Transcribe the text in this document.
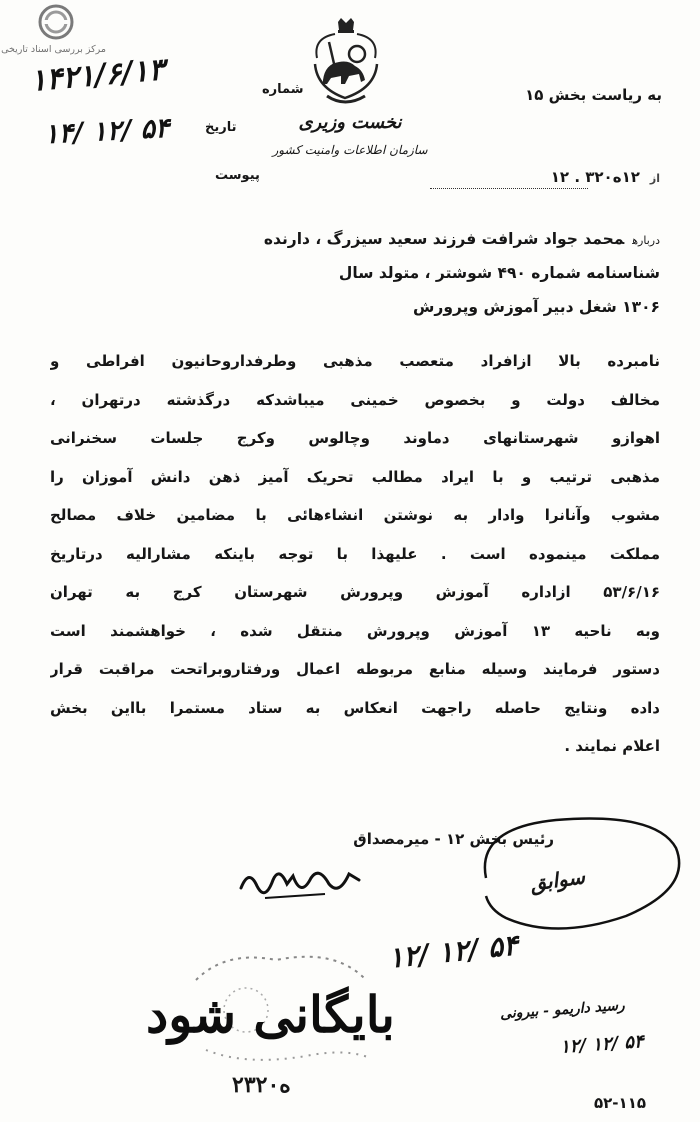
مرکز بررسی اسناد تاریخی
نخست وزیری
سازمان اطلاعات وامنیت کشور
۱۴۲۱/۶/۱۳	شماره
۱۴/ ۱۲/ ۵۴	تاریخ
پیوست
به ریاست بخش ۱۵
از۱۲ه۳۲۰ . ۱۲
دربارهمحمد جواد شرافت فرزند سعید سیزرگ ، دارنده
شناسنامه شماره ۴۹۰ شوشتر ، متولد سال
۱۳۰۶ شغل دبیر آموزش وپرورش
نامبرده بالا ازافراد متعصب مذهبی وطرفداروحانیون افراطی و
مخالف دولت و بخصوص خمینی میباشدکه درگذشته درتهران ،
اهوازو شهرستانهای دماوند وچالوس وکرج جلسات سخنرانی
مذهبی ترتیب و با ایراد مطالب تحریک آمیز ذهن دانش آموزان را
مشوب وآنانرا وادار به نوشتن انشاءهائی با مضامین خلاف مصالح
مملکت مینموده است . علیهذا با توجه باینکه مشارالیه درتاریخ
۵۳/۶/۱۶ ازاداره آموزش وپرورش شهرستان کرج به تهران
وبه ناحیه ۱۳ آموزش وپرورش منتقل شده ، خواهشمند است
دستور فرمایند وسیله منابع مربوطه اعمال ورفتاروبراتحت مراقبت قرار
داده ونتایج حاصله راجهت انعکاس به ستاد مستمرا بااین بخش
اعلام نمایند .
رئیس بخش ۱۲ - میرمصداق
سوابق
۱۲/ ۱۲/ ۵۴
بایگانی شود
۲ه۳۲۰
رسید داریمو - بیرونی
۱۲/ ۱۲/ ۵۴
۵۲-۱۱۵
